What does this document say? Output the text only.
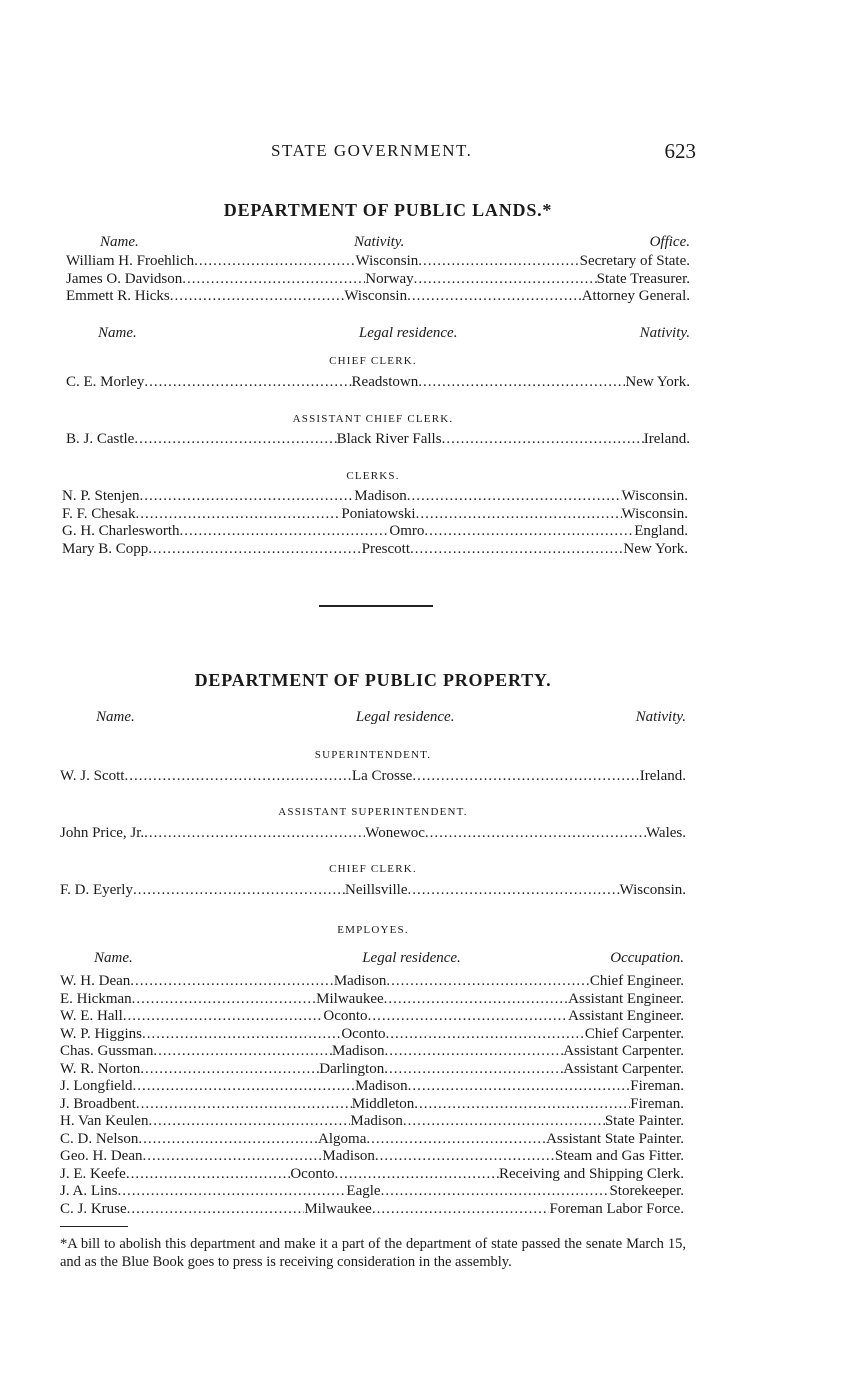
STATE GOVERNMENT.	623
DEPARTMENT OF PUBLIC LANDS.*
Name.	Nativity.	Office.
William H. Froehlich .....	Wisconsin .....	Secretary of State.
James O. Davidson .....	Norway .....	State Treasurer.
Emmett R. Hicks .....	Wisconsin .....	Attorney General.
Name.	Legal residence.	Nativity.
CHIEF CLERK.
C. E. Morley .....	Readstown .....	New York.
ASSISTANT CHIEF CLERK.
B. J. Castle .....	Black River Falls .....	Ireland.
CLERKS.
N. P. Stenjen .....	Madison .....	Wisconsin.
F. F. Chesak .....	Poniatowski .....	Wisconsin.
G. H. Charlesworth .....	Omro .....	England.
Mary B. Copp .....	Prescott .....	New York.
DEPARTMENT OF PUBLIC PROPERTY.
Name.	Legal residence.	Nativity.
SUPERINTENDENT.
W. J. Scott .....	La Crosse .....	Ireland.
ASSISTANT SUPERINTENDENT.
John Price, Jr. .....	Wonewoc .....	Wales.
CHIEF CLERK.
F. D. Eyerly .....	Neillsville .....	Wisconsin.
EMPLOYES.
Name.	Legal residence.	Occupation.
W. H. Dean .....	Madison .....	Chief Engineer.
E. Hickman .....	Milwaukee .....	Assistant Engineer.
W. E. Hall .....	Oconto .....	Assistant Engineer.
W. P. Higgins .....	Oconto .....	Chief Carpenter.
Chas. Gussman .....	Madison .....	Assistant Carpenter.
W. R. Norton .....	Darlington .....	Assistant Carpenter.
J. Longfield .....	Madison .....	Fireman.
J. Broadbent .....	Middleton .....	Fireman.
H. Van Keulen .....	Madison .....	State Painter.
C. D. Nelson .....	Algoma .....	Assistant State Painter.
Geo. H. Dean .....	Madison .....	Steam and Gas Fitter.
J. E. Keefe .....	Oconto .....	Receiving and Shipping Clerk.
J. A. Lins .....	Eagle .....	Storekeeper.
C. J. Kruse .....	Milwaukee .....	Foreman Labor Force.
*A bill to abolish this department and make it a part of the department of state passed the senate March 15, and as the Blue Book goes to press is receiving consideration in the assembly.
